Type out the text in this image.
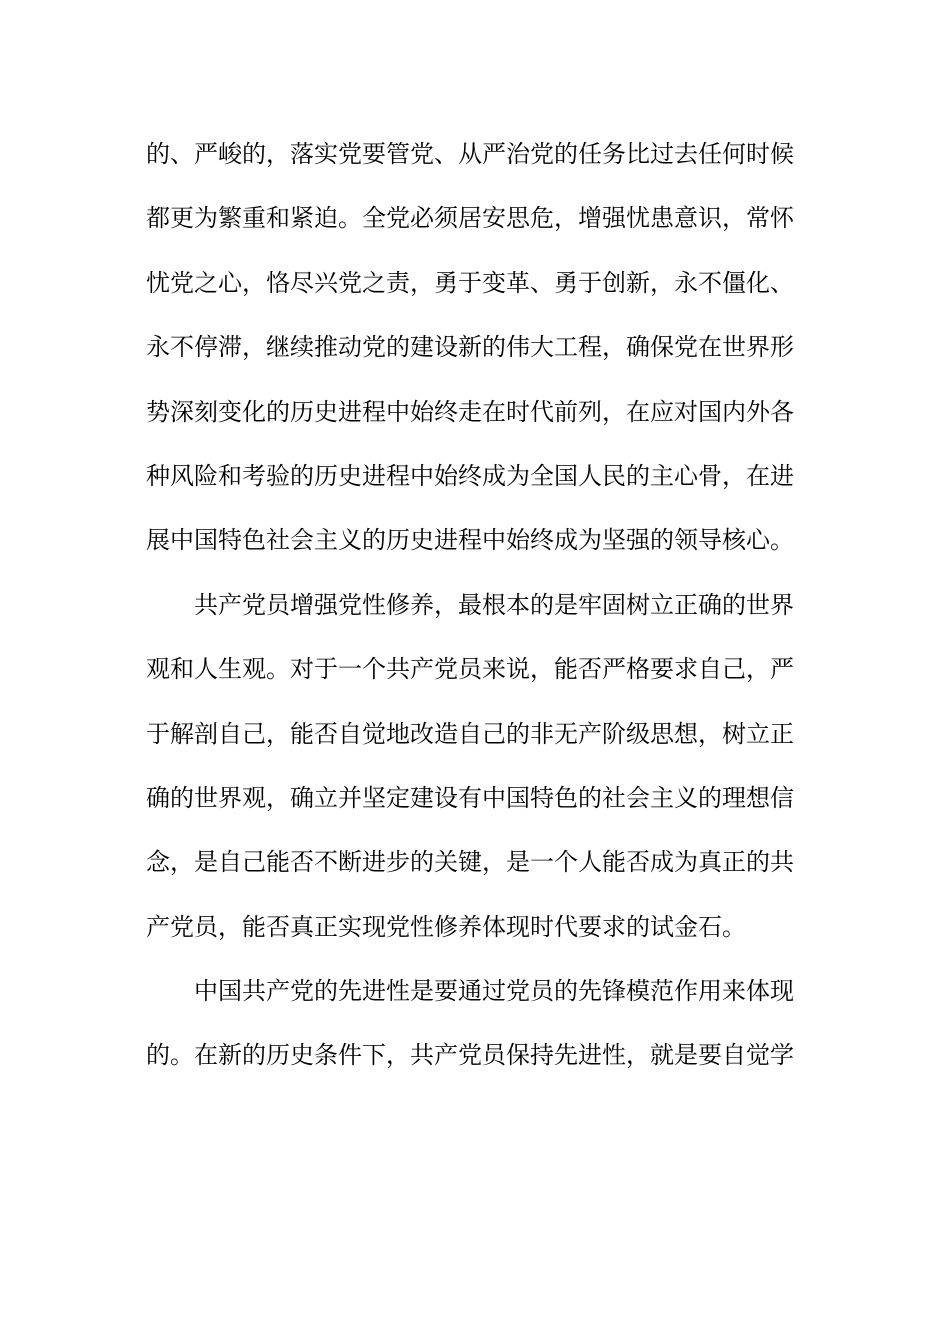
的、严峻的，落实党要管党、从严治党的任务比过去任何时候
都更为繁重和紧迫。全党必须居安思危，增强忧患意识，常怀
忧党之心，恪尽兴党之责，勇于变革、勇于创新，永不僵化、
永不停滞，继续推动党的建设新的伟大工程，确保党在世界形
势深刻变化的历史进程中始终走在时代前列，在应对国内外各
种风险和考验的历史进程中始终成为全国人民的主心骨，在进
展中国特色社会主义的历史进程中始终成为坚强的领导核心。
共产党员增强党性修养，最根本的是牢固树立正确的世界
观和人生观。对于一个共产党员来说，能否严格要求自己，严
于解剖自己，能否自觉地改造自己的非无产阶级思想，树立正
确的世界观，确立并坚定建设有中国特色的社会主义的理想信
念，是自己能否不断进步的关键，是一个人能否成为真正的共
产党员，能否真正实现党性修养体现时代要求的试金石。
中国共产党的先进性是要通过党员的先锋模范作用来体现
的。在新的历史条件下，共产党员保持先进性，就是要自觉学
